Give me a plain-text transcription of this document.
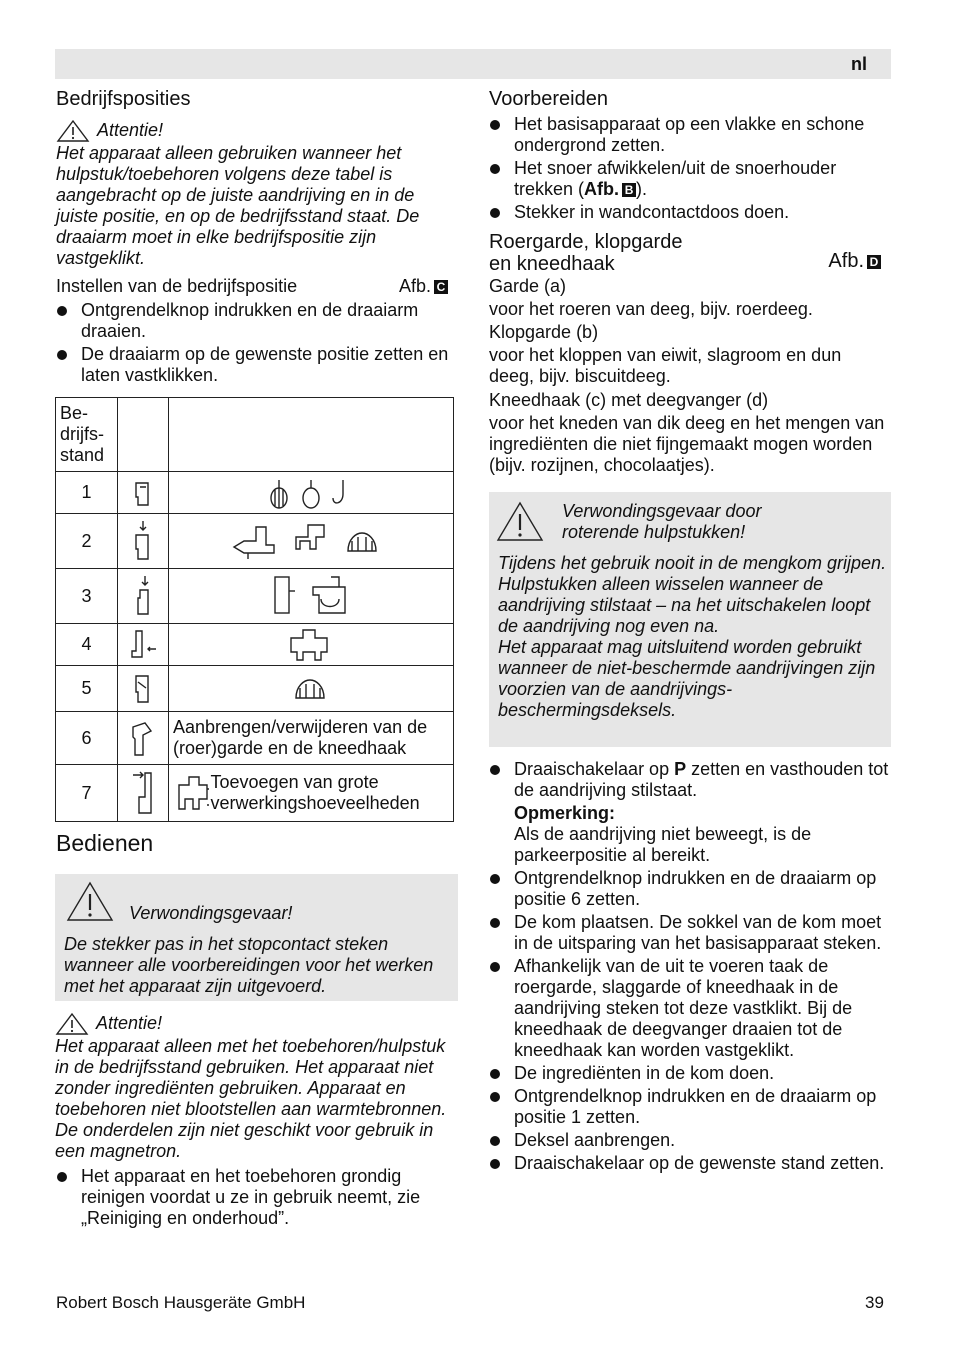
nl
Bedrijfsposities
Attentie!

Het apparaat alleen gebruiken wanneer het hulpstuk/toebehoren volgens deze tabel is aangebracht op de juiste aandrijving en in de juiste positie, en op de bedrijfsstand staat. De draaiarm moet in elke bedrijfspositie zijn vastgeklikt.

Instellen van de bedrijfspositie	Afb. C

Ontgrendelknop indrukken en de draaiarm draaien.

De draaiarm op de gewenste positie zetten en laten vastklikken.

Be-
drijfs-
stand		
1		
2		
3		
4		
5		
6		Aanbrengen/verwijderen van de (roer)garde en de kneedhaak
7		Toevoegen van grote verwerkingshoeveelheden
Bedienen
Verwondingsgevaar!

De stekker pas in het stopcontact steken wanneer alle voorbereidingen voor het werken met het apparaat zijn uitgevoerd.

Attentie!

Het apparaat alleen met het toebehoren/hulpstuk in de bedrijfsstand gebruiken. Het apparaat niet zonder ingrediënten gebruiken. Apparaat en toebehoren niet blootstellen aan warmtebronnen. De onderdelen zijn niet geschikt voor gebruik in een magnetron.

Het apparaat en het toebehoren grondig reinigen voordat u ze in gebruik neemt, zie „Reiniging en onderhoud”.

Voorbereiden

Het basisapparaat op een vlakke en schone ondergrond zetten.

Het snoer afwikkelen/uit de snoerhouder trekken (Afb. B ).

Stekker in wandcontactdoos doen.

Roergarde, klopgarde
en kneedhaak	Afb. D

Garde (a)

voor het roeren van deeg, bijv. roerdeeg.

Klopgarde (b)

voor het kloppen van eiwit, slagroom en dun deeg, bijv. biscuitdeeg.

Kneedhaak (c) met deegvanger (d)

voor het kneden van dik deeg en het mengen van ingrediënten die niet fijngemaakt mogen worden (bijv. rozijnen, chocolaatjes).

Verwondingsgevaar door roterende hulpstukken!

Tijdens het gebruik nooit in de mengkom grijpen.

Hulpstukken alleen wisselen wanneer de aandrijving stilstaat – na het uitschakelen loopt de aandrijving nog even na.

Het apparaat mag uitsluitend worden gebruikt wanneer de niet-beschermde aandrijvingen zijn voorzien van de aandrijvings-beschermingsdeksels.

Draaischakelaar op P zetten en vasthouden tot de aandrijving stilstaat.

Opmerking:

Als de aandrijving niet beweegt, is de parkeerpositie al bereikt.

Ontgrendelknop indrukken en de draaiarm op positie 6 zetten.

De kom plaatsen. De sokkel van de kom moet in de uitsparing van het basisapparaat steken.

Afhankelijk van de uit te voeren taak de roergarde, slaggarde of kneedhaak in de aandrijving steken tot deze vastklikt. Bij de kneedhaak de deegvanger draaien tot de kneedhaak kan worden vastgeklikt.

De ingrediënten in de kom doen.

Ontgrendelknop indrukken en de draaiarm op positie 1 zetten.

Deksel aanbrengen.

Draaischakelaar op de gewenste stand zetten.

Robert Bosch Hausgeräte GmbH	39
